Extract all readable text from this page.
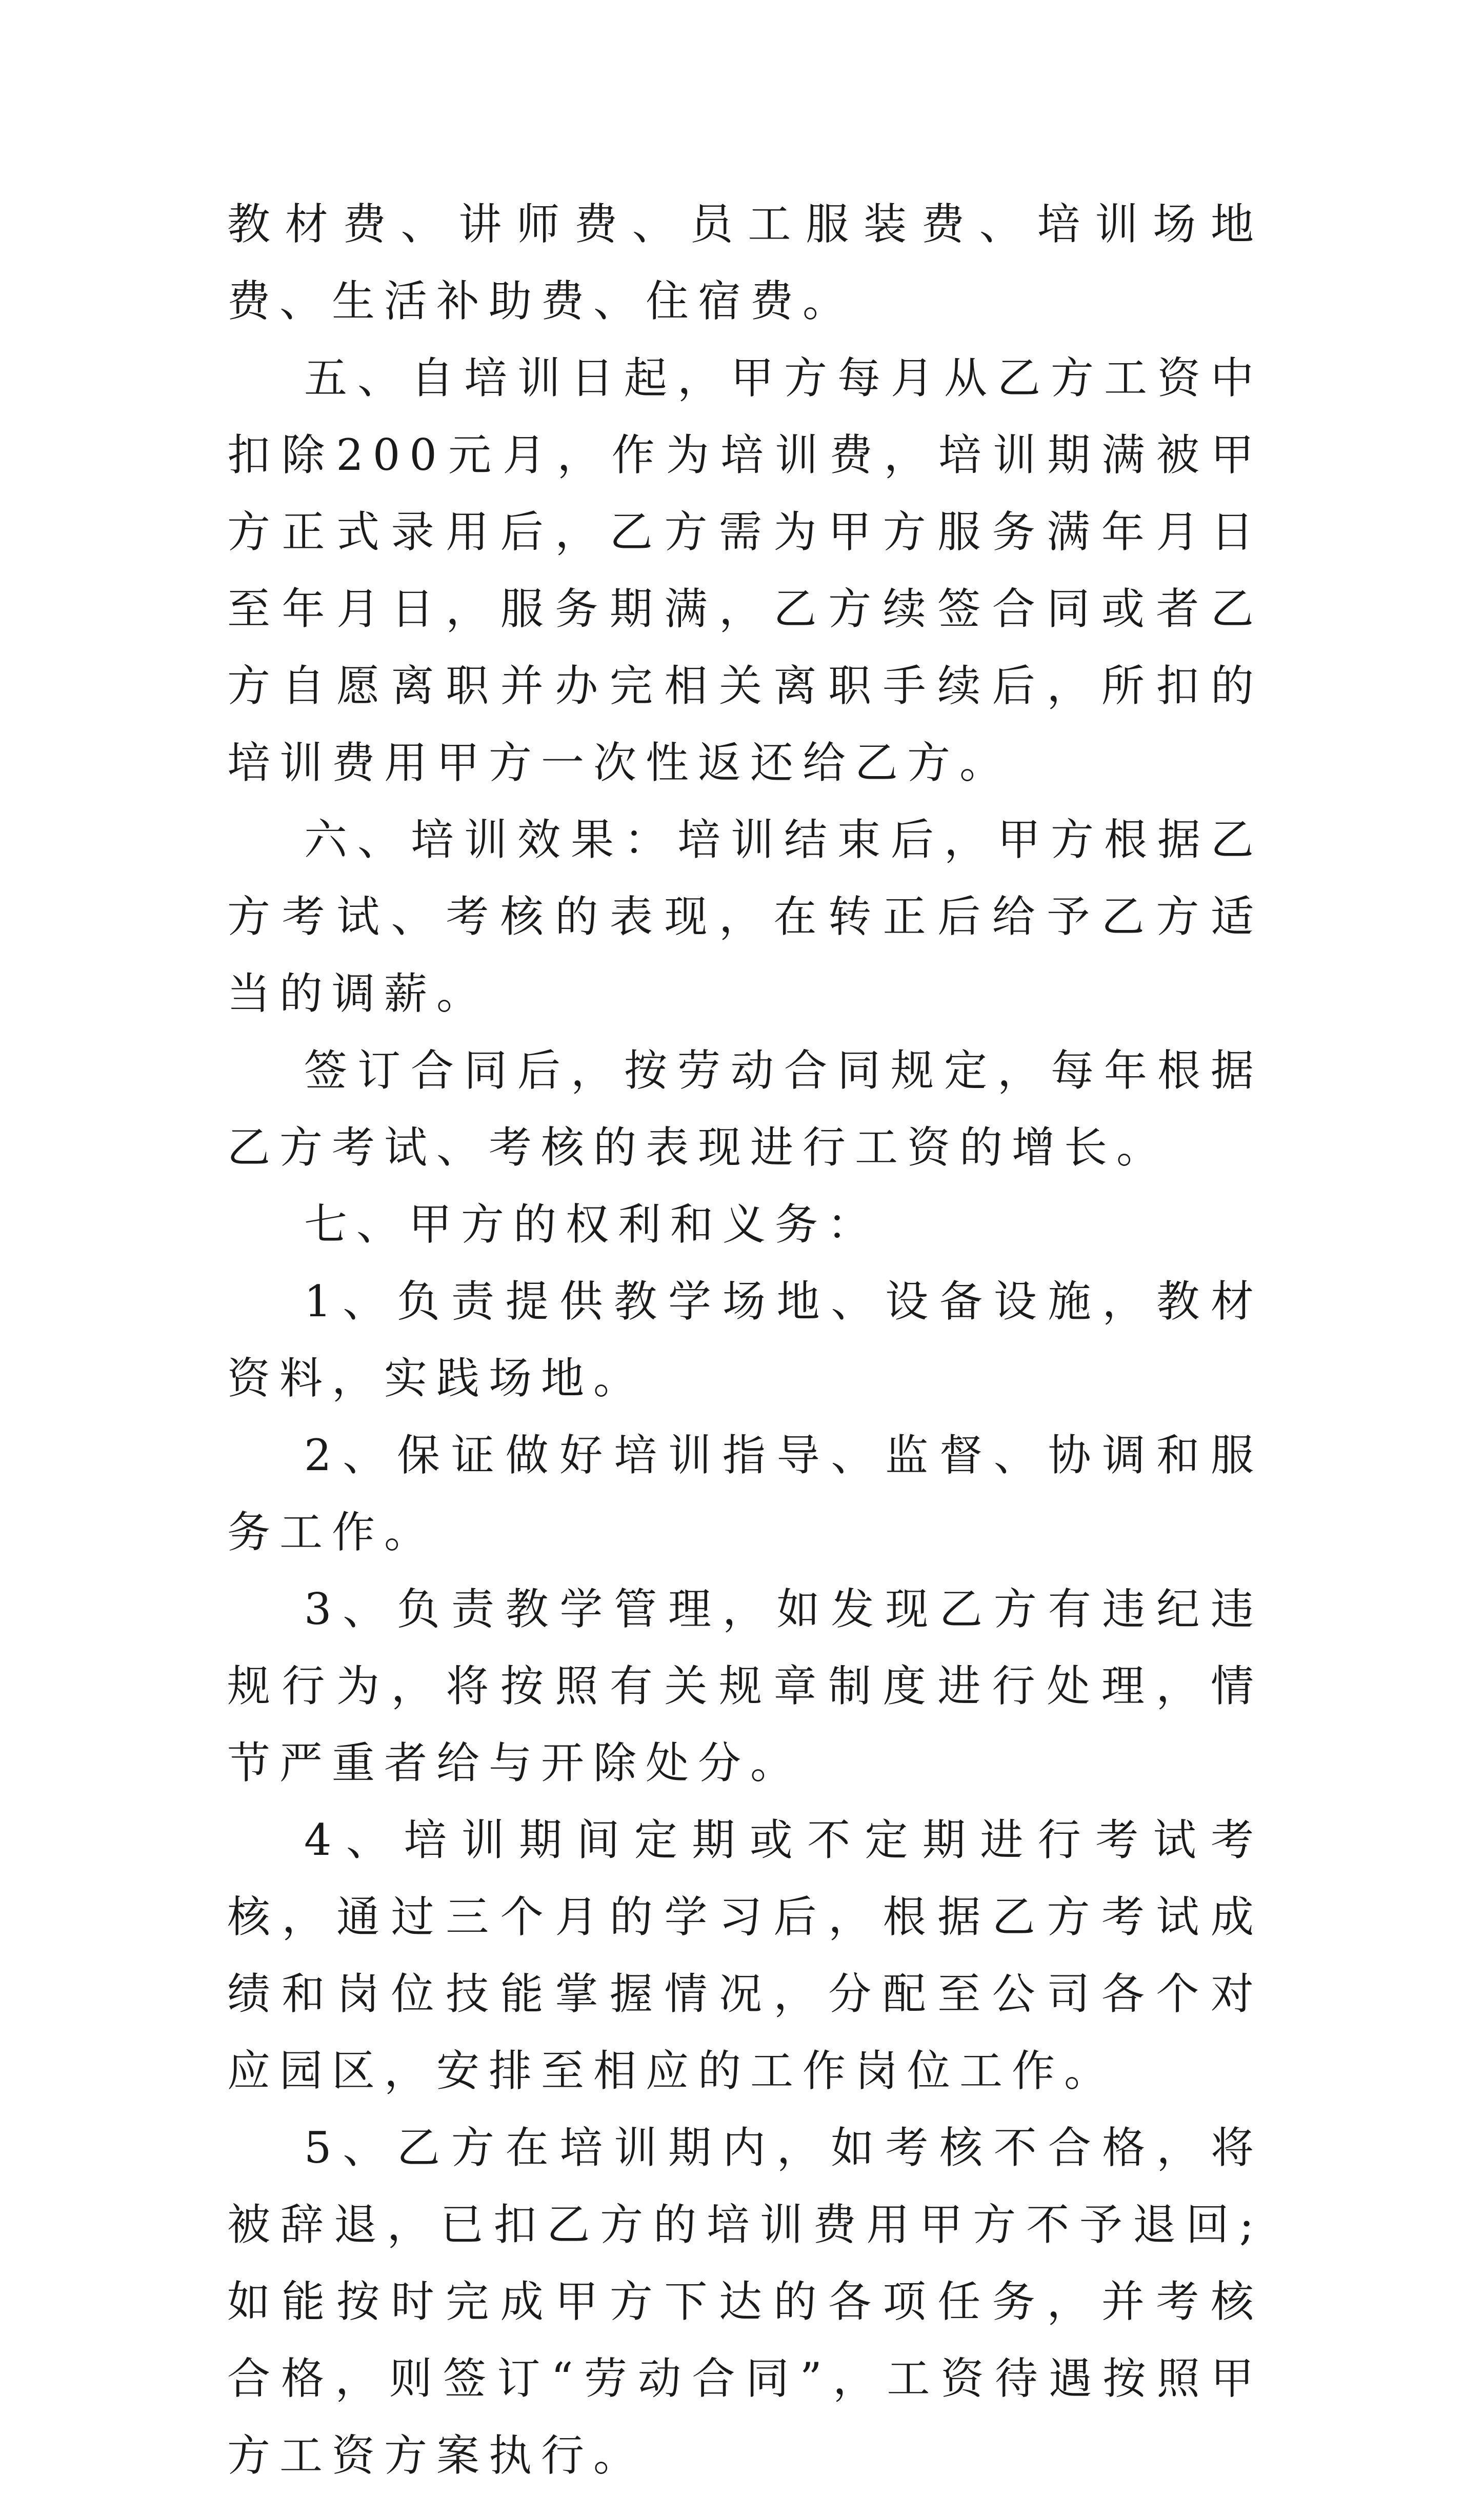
教材费、讲师费、员工服装费、培训场地费、生活补助费、住宿费。

五、自培训日起，甲方每月从乙方工资中扣除200元月，作为培训费，培训期满被甲方正式录用后，乙方需为甲方服务满年月日至年月日，服务期满，乙方续签合同或者乙方自愿离职并办完相关离职手续后，所扣的培训费用甲方一次性返还给乙方。

六、培训效果：培训结束后，甲方根据乙方考试、考核的表现，在转正后给予乙方适当的调薪。

签订合同后，按劳动合同规定，每年根据乙方考试、考核的表现进行工资的增长。

七、甲方的权利和义务：

1、负责提供教学场地、设备设施，教材资料，实践场地。

2、保证做好培训指导、监督、协调和服务工作。

3、负责教学管理，如发现乙方有违纪违规行为，将按照有关规章制度进行处理，情节严重者给与开除处分。

4、培训期间定期或不定期进行考试考核，通过三个月的学习后，根据乙方考试成绩和岗位技能掌握情况，分配至公司各个对应园区，安排至相应的工作岗位工作。

5、乙方在培训期内，如考核不合格，将被辞退，已扣乙方的培训费用甲方不予退回;如能按时完成甲方下达的各项任务，并考核合格，则签订“劳动合同”，工资待遇按照甲方工资方案执行。
